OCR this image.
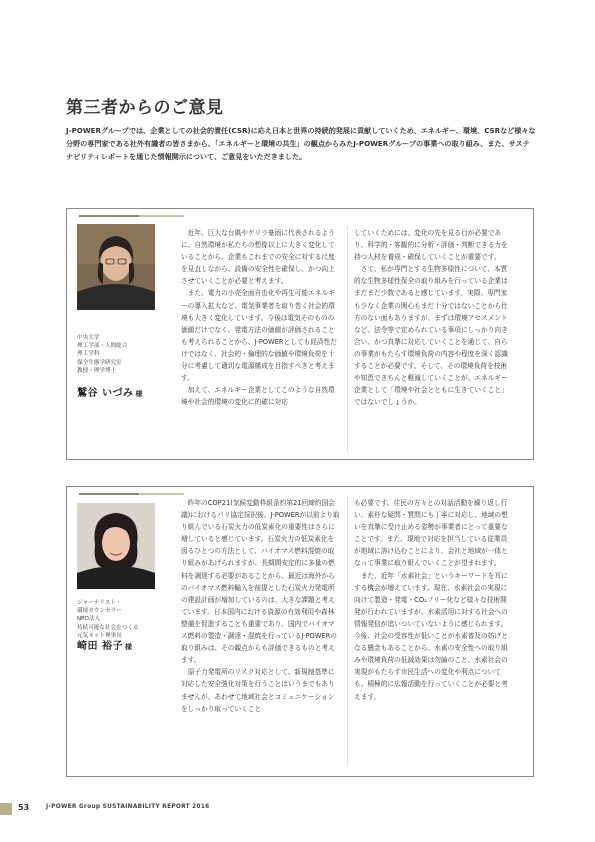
第三者からのご意見

J-POWERグループでは、企業としての社会的責任(CSR)に応え日本と世界の持続的発展に貢献していくため、エネルギー、環境、CSRなど様々な分野の専門家である社外有識者の皆さまから、「エネルギーと環境の共生」の観点からみたJ-POWERグループの事業への取り組み、また、サステナビリティレポートを通じた情報開示について、ご意見をいただきました。

中央大学
理工学部・人間総合
理工学科
保全生態学研究室
教授・理学博士
鷲谷 いづみ 様

近年、巨大な台風やゲリラ豪雨に代表されるように、自然環境が私たちの想像以上に大きく変化していることから、企業もこれまでの安全に対する尺度を見直しながら、設備の安全性を確保し、かつ向上させていくことが必要と考えます。

また、電力の小売全面自由化や再生可能エネルギーの導入拡大など、電気事業者を取り巻く社会的環境も大きく変化しています。今後は電気そのものの価値だけでなく、発電方法の価値が評価されることも考えられることから、J-POWERとしても経済性だけではなく、社会的・倫理的な価値や環境負荷を十分に考慮して適切な電源構成を目指すべきと考えます。

加えて、エネルギー企業としてこのような自然環境や社会的環境の変化に的確に対応

していくためには、変化の先を見る目が必要であり、科学的・客観的に分析・評価・判断できる力を持つ人材を養成・確保していくことが重要です。

さて、私が専門とする生物多様性について、本質的な生物多様性保全の取り組みを行っている企業はまだまだ少数であると感じています。実際、専門家も少なく企業の関心もまだ十分ではないことから仕方のない面もありますが、まずは環境アセスメントなど、法令等で定められている事項にしっかり向き合い、かつ真摯に対応していくことを通じて、自らの事業がもたらす環境負荷の内容や程度を深く認識することが必要です。そして、その環境負荷を技術や知恵できちんと軽減していくことが、エネルギー企業として「環境や社会とともに生きていくこと」ではないでしょうか。

ジャーナリスト・
環境カウンセラー
NPO法人
持続可能な社会をつくる
元気ネット理事長
崎田 裕子 様

昨年のCOP21(気候変動枠組条約第21回締約国会議)におけるパリ協定採択後、J-POWERが以前より取り組んでいる石炭火力の低炭素化の重要性はさらに増していると感じています。石炭火力の低炭素化を図るひとつの方法として、バイオマス燃料混焼の取り組みがあげられますが、長期間安定的に多量の燃料を調達する必要があることから、最近は海外からのバイオマス燃料輸入を前提とした石炭火力発電所の建設計画が増加しているのは、大きな課題と考えています。日本国内における資源の有効利用や森林整備を促進することも重要であり、国内でバイオマス燃料の製造・調達・混焼を行っているJ-POWERの取り組みは、その観点からも評価できるものと考えます。

原子力発電所のリスク対応として、新規制基準に対応した安全強化対策を行うことはいうまでもありませんが、あわせて地域社会とコミュニケーションをしっかり取っていくこと

も必要です。住民の方々との対話活動を繰り返し行い、素朴な疑問・質問にも丁寧に対応し、地域の想いを真摯に受け止める姿勢が事業者にとって重要なことです。また、現地で対応を担当している従業員が地域に溶け込むことにより、会社と地域が一体となって事業に取り組んでいくことが望まれます。

また、近年「水素社会」というキーワードを耳にする機会が増えています。現在、水素社会の実現に向けて製造・発電・CO₂フリー化など様々な技術開発が行われていますが、水素活用に対する社会への情報発信が追いついていないように感じられます。今後、社会の受容性が低いことが水素普及の妨げとなる懸念もあることから、水素の安全性への取り組みや環境負荷の低減効果は勿論のこと、水素社会の実現がもたらす市民生活への変化や利点についても、積極的に広報活動を行っていくことが必要と考えます。

53	J-POWER Group SUSTAINABILITY REPORT 2016
